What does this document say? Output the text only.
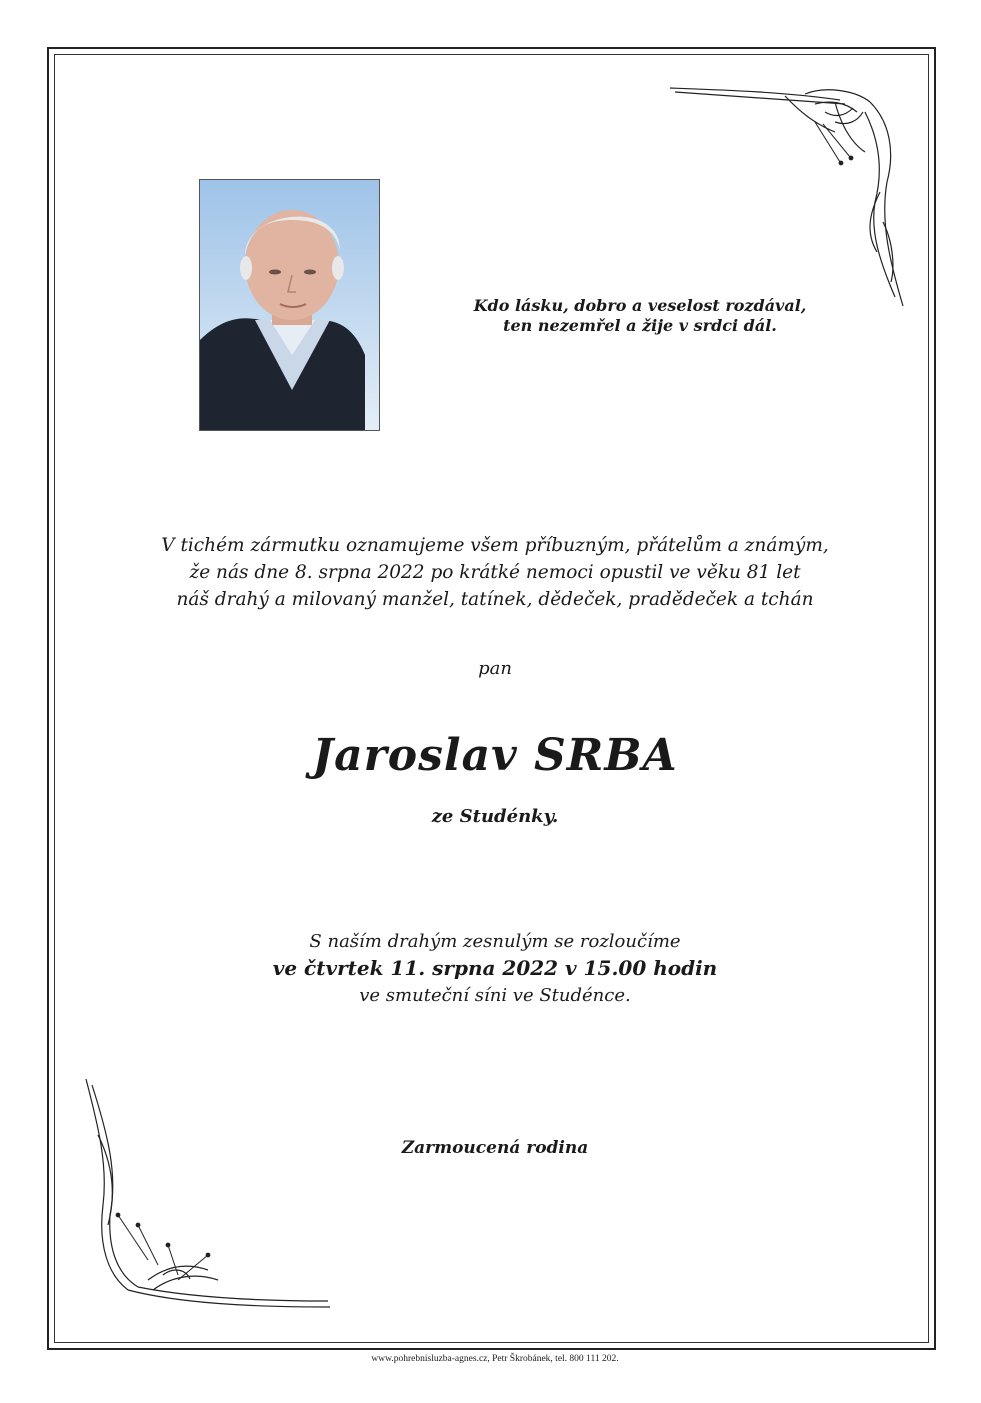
Kdo lásku, dobro a veselost rozdával,
ten nezemřel a žije v srdci dál.
V tichém zármutku oznamujeme všem příbuzným, přátelům a známým,
že nás dne 8. srpna 2022 po krátké nemoci opustil ve věku 81 let
náš drahý a milovaný manžel, tatínek, dědeček, pradědeček a tchán
pan
Jaroslav SRBA
ze Studénky.
S naším drahým zesnulým se rozloučíme
ve čtvrtek 11. srpna 2022 v 15.00 hodin
ve smuteční síni ve Studénce.
Zarmoucená rodina
www.pohrebnisluzba-agnes.cz, Petr Škrobánek, tel. 800 111 202.
